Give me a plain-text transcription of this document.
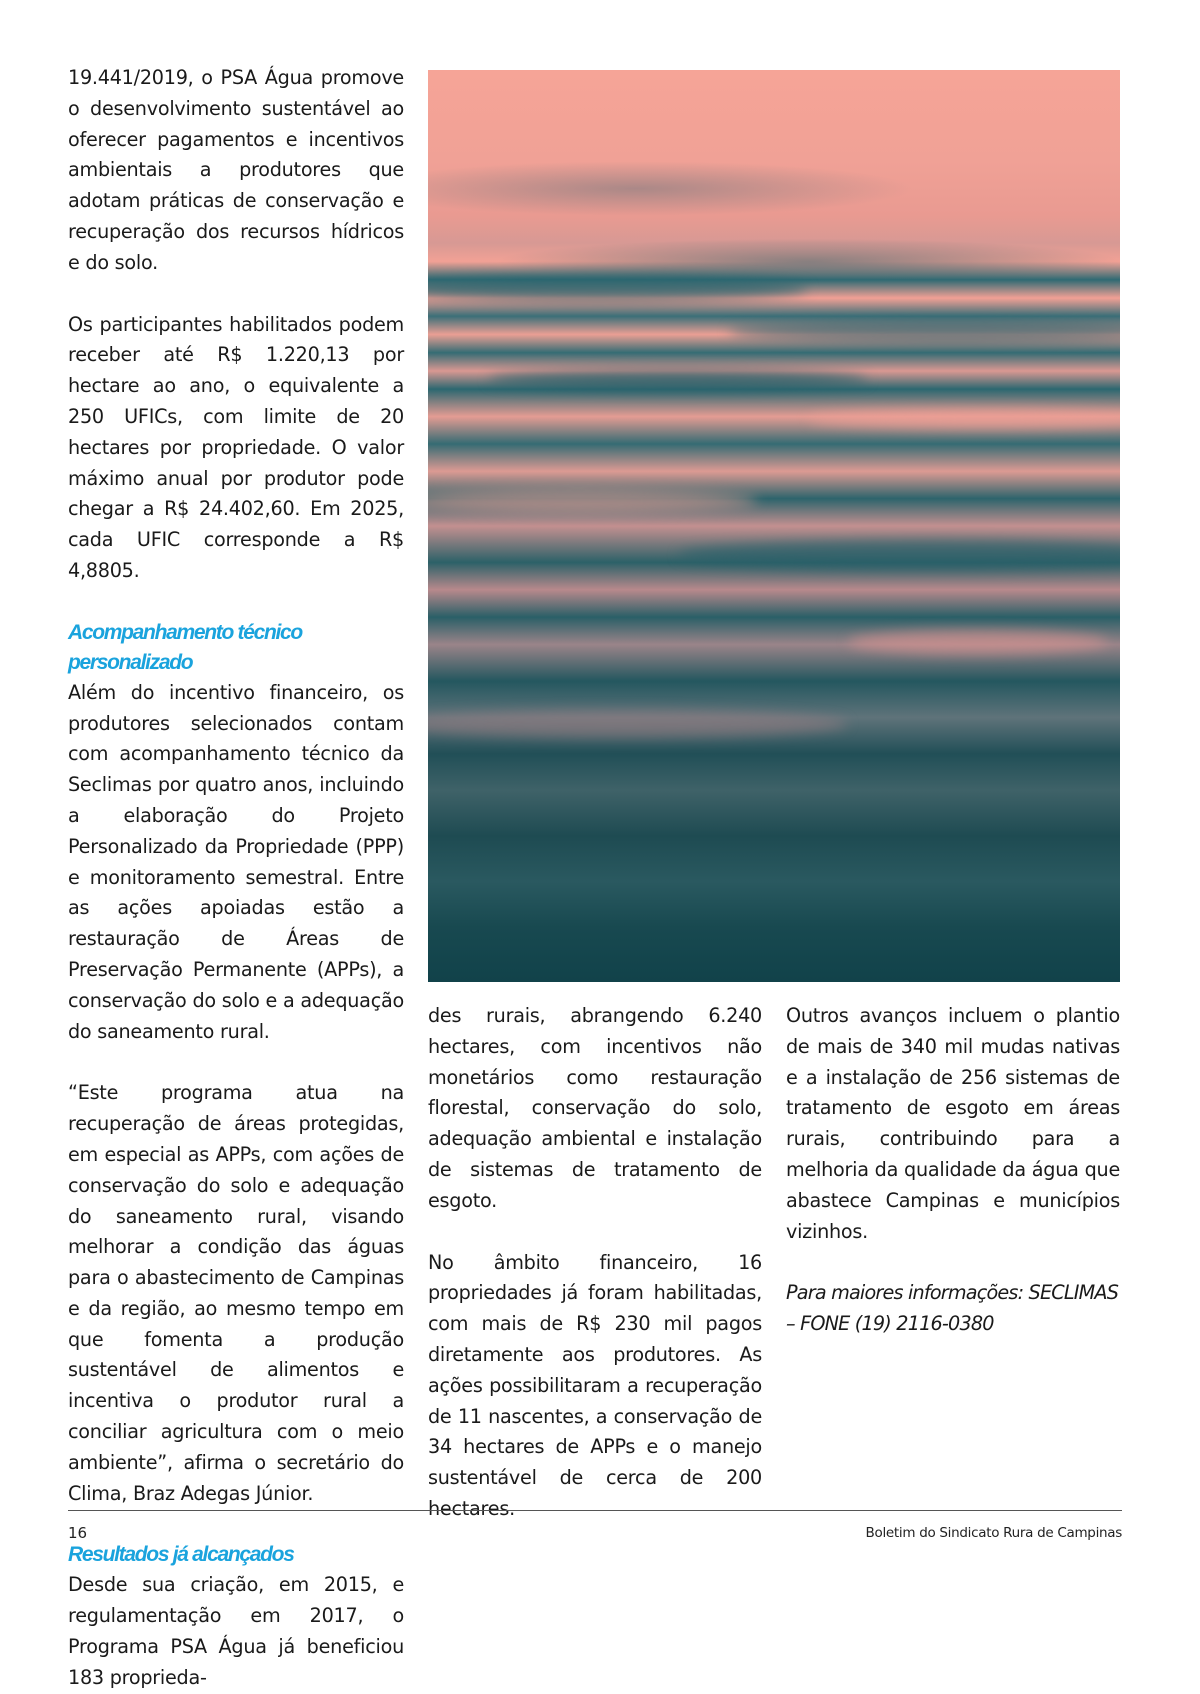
19.441/2019, o PSA Água promove o desenvolvimento sustentável ao oferecer pagamentos e incentivos ambientais a produtores que adotam práticas de conservação e recuperação dos recursos hídricos e do solo.

Os participantes habilitados podem receber até R$ 1.220,13 por hectare ao ano, o equivalente a 250 UFICs, com limite de 20 hectares por propriedade. O valor máximo anual por produtor pode chegar a R$ 24.402,60. Em 2025, cada UFIC corresponde a R$ 4,8805.

Acompanhamento técnico personalizado

Além do incentivo financeiro, os produtores selecionados contam com acompanhamento técnico da Seclimas por quatro anos, incluindo a elaboração do Projeto Personalizado da Propriedade (PPP) e monitoramento semestral. Entre as ações apoiadas estão a restauração de Áreas de Preservação Permanente (APPs), a conservação do solo e a adequação do saneamento rural.

“Este programa atua na recuperação de áreas protegidas, em especial as APPs, com ações de conservação do solo e adequação do saneamento rural, visando melhorar a condição das águas para o abastecimento de Campinas e da região, ao mesmo tempo em que fomenta a produção sustentável de alimentos e incentiva o produtor rural a conciliar agricultura com o meio ambiente”, afirma o secretário do Clima, Braz Adegas Júnior.

Resultados já alcançados

Desde sua criação, em 2015, e regulamentação em 2017, o Programa PSA Água já beneficiou 183 proprieda-

des rurais, abrangendo 6.240 hectares, com incentivos não monetários como restauração florestal, conservação do solo, adequação ambiental e instalação de sistemas de tratamento de esgoto.

No âmbito financeiro, 16 propriedades já foram habilitadas, com mais de R$ 230 mil pagos diretamente aos produtores. As ações possibilitaram a recuperação de 11 nascentes, a conservação de 34 hectares de APPs e o manejo sustentável de cerca de 200 hectares.

Outros avanços incluem o plantio de mais de 340 mil mudas nativas e a instalação de 256 sistemas de tratamento de esgoto em áreas rurais, contribuindo para a melhoria da qualidade da água que abastece Campinas e municípios vizinhos.

Para maiores informações: SECLIMAS – FONE (19) 2116-0380

16	Boletim do Sindicato Rura de Campinas
